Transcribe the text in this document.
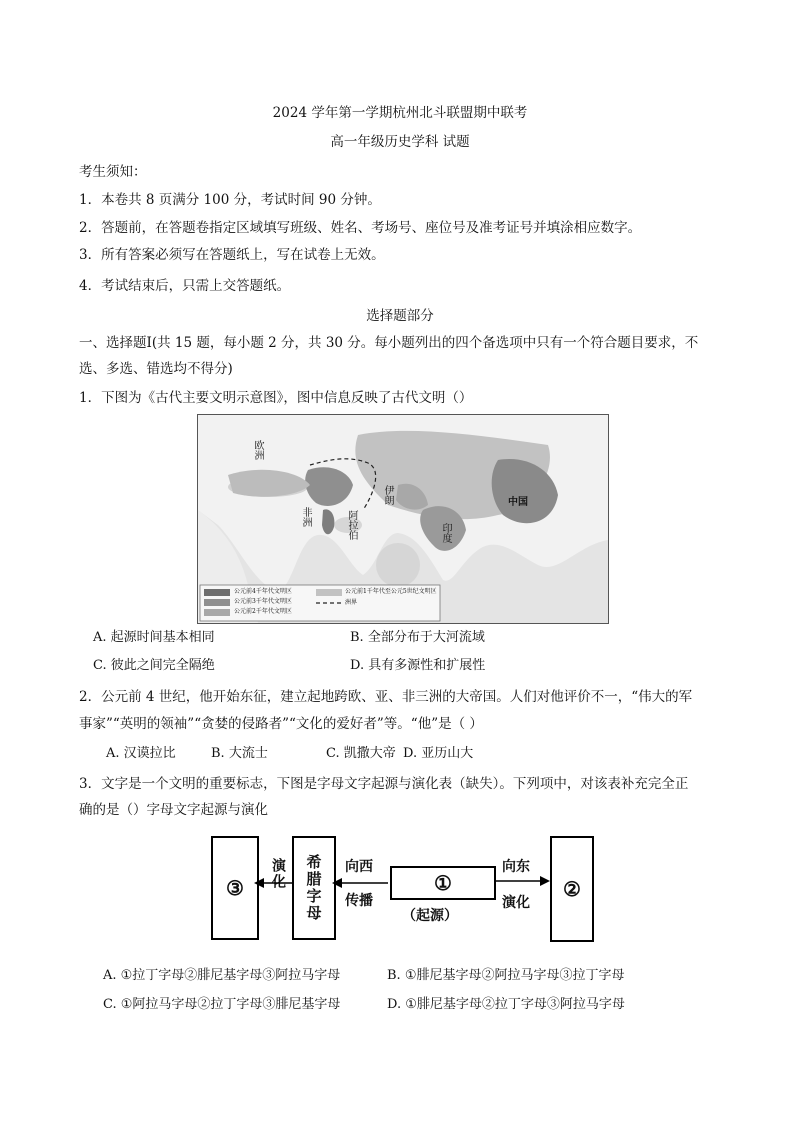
2024 学年第一学期杭州北斗联盟期中联考
高一年级历史学科 试题
考生须知：
1．本卷共 8 页满分 100 分，考试时间 90 分钟。
2．答题前，在答题卷指定区域填写班级、姓名、考场号、座位号及准考证号并填涂相应数字。
3．所有答案必须写在答题纸上，写在试卷上无效。
4．考试结束后，只需上交答题纸。
选择题部分
一、选择题Ⅰ(共 15 题，每小题 2 分，共 30 分。每小题列出的四个备选项中只有一个符合题目要求，不
选、多选、错选均不得分)
1．下图为《古代主要文明示意图》，图中信息反映了古代文明（）
中国
印度
伊朗
阿拉伯
非洲
欧洲
公元前4千年代文明区
公元前3千年代文明区
公元前2千年代文明区
公元前1千年代至公元5世纪文明区
洲界
A. 起源时间基本相同	B. 全部分布于大河流域
C. 彼此之间完全隔绝	D. 具有多源性和扩展性
2．公元前 4 世纪，他开始东征，建立起地跨欧、亚、非三洲的大帝国。人们对他评价不一，“伟大的军
事家”“英明的领袖”“贪婪的侵路者”“文化的爱好者”等。“他”是（ ）
A. 汉谟拉比	B. 大流士	C. 凯撒大帝 D. 亚历山大
3．文字是一个文明的重要标志，下图是字母文字起源与演化表（缺失）。下列项中，对该表补充完全正
确的是（）字母文字起源与演化
③ 演化 希腊字母 向西
传播
①
（起源）
向东
演化
②
A. ①拉丁字母②腓尼基字母③阿拉马字母	B. ①腓尼基字母②阿拉马字母③拉丁字母
C. ①阿拉马字母②拉丁字母③腓尼基字母	D. ①腓尼基字母②拉丁字母③阿拉马字母
